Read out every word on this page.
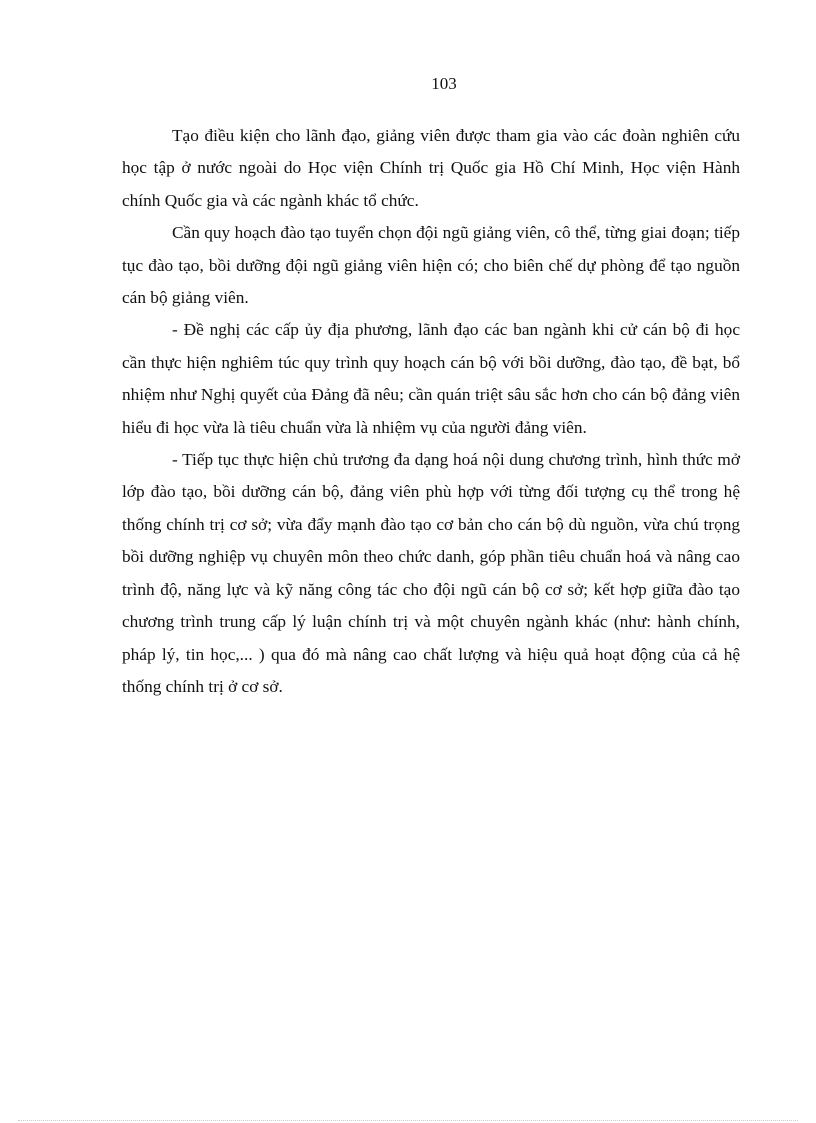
103

Tạo điều kiện cho lãnh đạo, giảng viên được tham gia vào các đoàn nghiên cứu học tập ở nước ngoài do Học viện Chính trị Quốc gia Hồ Chí Minh, Học viện Hành chính Quốc gia và các ngành khác tổ chức.

Cần quy hoạch đào tạo tuyển chọn đội ngũ giảng viên, cô thể, từng giai đoạn; tiếp tục đào tạo, bồi dưỡng đội ngũ giảng viên hiện có; cho biên chế dự phòng để tạo nguồn cán bộ giảng viên.

- Đề nghị các cấp ủy địa phương, lãnh đạo các ban ngành khi cử cán bộ đi học cần thực hiện nghiêm túc quy trình quy hoạch cán bộ với bồi dưỡng, đào tạo, đề bạt, bổ nhiệm như Nghị quyết của Đảng đã nêu; cần quán triệt sâu sắc hơn cho cán bộ đảng viên hiểu đi học vừa là tiêu chuẩn vừa là nhiệm vụ của người đảng viên.

- Tiếp tục thực hiện chủ trương đa dạng hoá nội dung chương trình, hình thức mở lớp đào tạo, bồi dưỡng cán bộ, đảng viên phù hợp với từng đối tượng cụ thể trong hệ thống chính trị cơ sở; vừa đẩy mạnh đào tạo cơ bản cho cán bộ dù nguồn, vừa chú trọng bồi dưỡng nghiệp vụ chuyên môn theo chức danh, góp phần tiêu chuẩn hoá và nâng cao trình độ, năng lực và kỹ năng công tác cho đội ngũ cán bộ cơ sở; kết hợp giữa đào tạo chương trình trung cấp lý luận chính trị và một chuyên ngành khác (như: hành chính, pháp lý, tin học,... ) qua đó mà nâng cao chất lượng và hiệu quả hoạt động của cả hệ thống chính trị ở cơ sở.
